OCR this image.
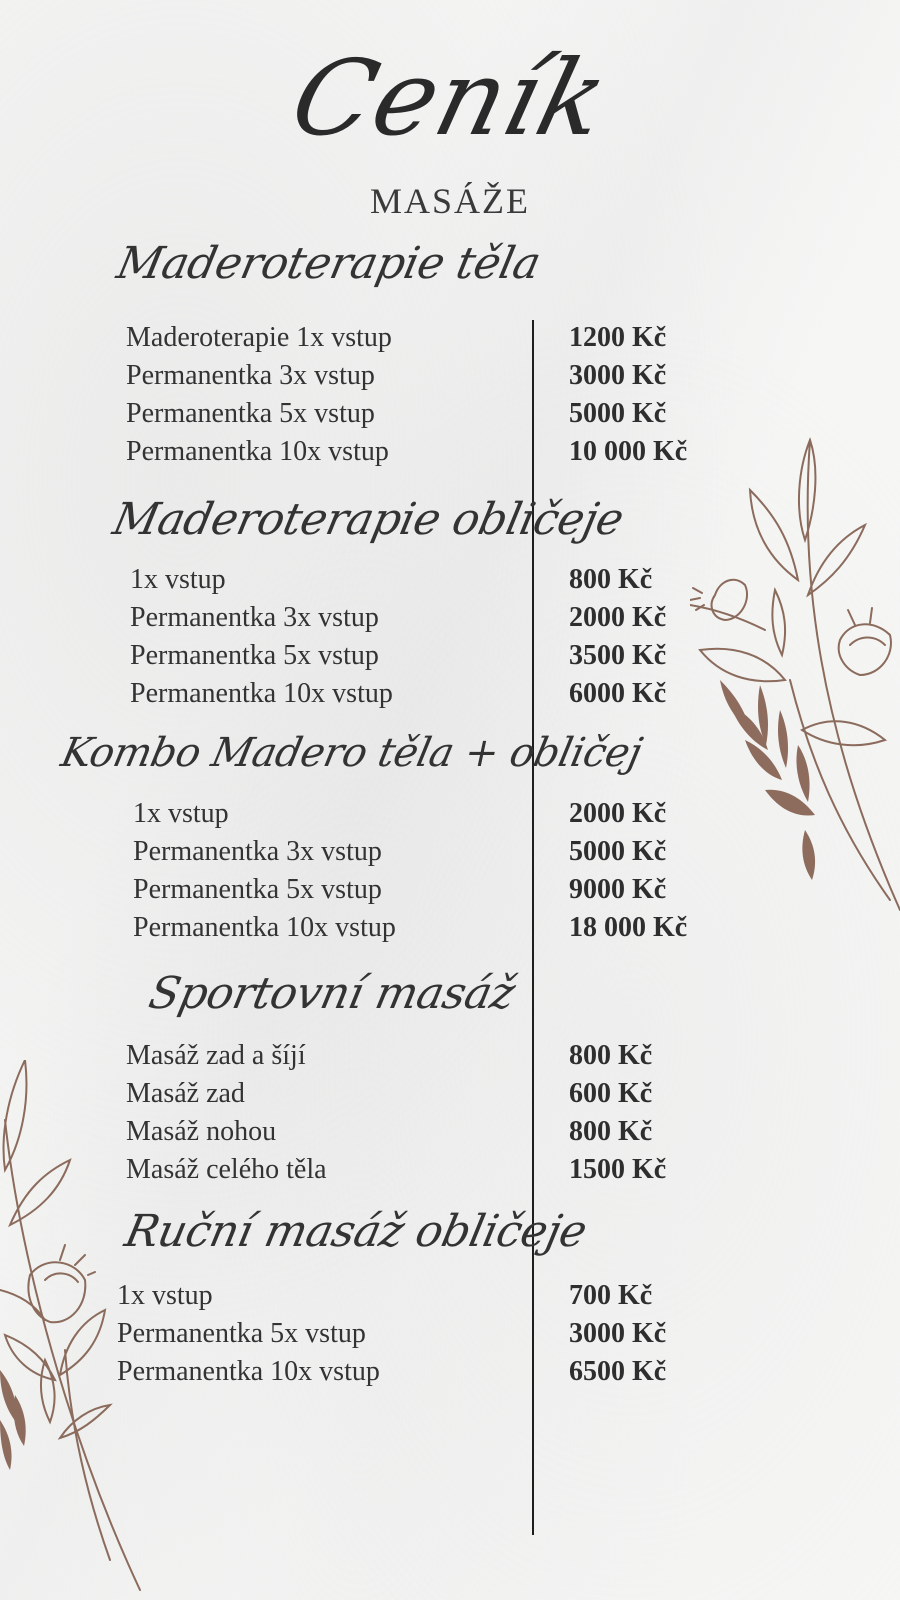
Ceník
MASÁŽE
Maderoterapie těla
Maderoterapie 1x vstup	1200 Kč
Permanentka 3x vstup	3000 Kč
Permanentka 5x vstup	5000 Kč
Permanentka 10x vstup	10 000 Kč
Maderoterapie obličeje
1x vstup	800 Kč
Permanentka 3x vstup	2000 Kč
Permanentka 5x vstup	3500 Kč
Permanentka 10x vstup	6000 Kč
Kombo Madero těla + obličej
1x vstup	2000 Kč
Permanentka 3x vstup	5000 Kč
Permanentka 5x vstup	9000 Kč
Permanentka 10x vstup	18 000 Kč
Sportovní masáž
Masáž zad a šíjí	800 Kč
Masáž zad	600 Kč
Masáž nohou	800 Kč
Masáž celého těla	1500 Kč
Ruční masáž obličeje
1x vstup	700 Kč
Permanentka 5x vstup	3000 Kč
Permanentka 10x vstup	6500 Kč
